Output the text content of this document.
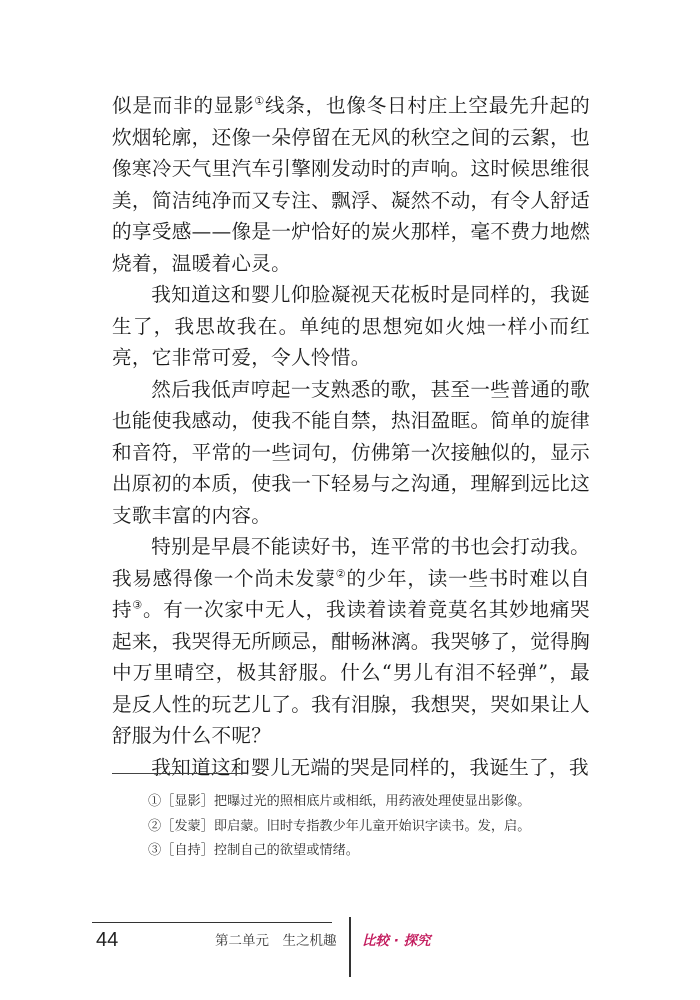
似是而非的显影①线条，也像冬日村庄上空最先升起的炊烟轮廓，还像一朵停留在无风的秋空之间的云絮，也像寒冷天气里汽车引擎刚发动时的声响。这时候思维很美，简洁纯净而又专注、飘浮、凝然不动，有令人舒适的享受感——像是一炉恰好的炭火那样，毫不费力地燃烧着，温暖着心灵。

我知道这和婴儿仰脸凝视天花板时是同样的，我诞生了，我思故我在。单纯的思想宛如火烛一样小而红亮，它非常可爱，令人怜惜。

然后我低声哼起一支熟悉的歌，甚至一些普通的歌也能使我感动，使我不能自禁，热泪盈眶。简单的旋律和音符，平常的一些词句，仿佛第一次接触似的，显示出原初的本质，使我一下轻易与之沟通，理解到远比这支歌丰富的内容。

特别是早晨不能读好书，连平常的书也会打动我。我易感得像一个尚未发蒙②的少年，读一些书时难以自持③。有一次家中无人，我读着读着竟莫名其妙地痛哭起来，我哭得无所顾忌，酣畅淋漓。我哭够了，觉得胸中万里晴空，极其舒服。什么“男儿有泪不轻弹”，最是反人性的玩艺儿了。我有泪腺，我想哭，哭如果让人舒服为什么不呢？

我知道这和婴儿无端的哭是同样的，我诞生了，我

①［显影］把曝过光的照相底片或相纸，用药液处理使显出影像。
②［发蒙］即启蒙。旧时专指教少年儿童开始识字读书。发，启。
③［自持］控制自己的欲望或情绪。
44	第二单元　生之机趣 比较 · 探究
